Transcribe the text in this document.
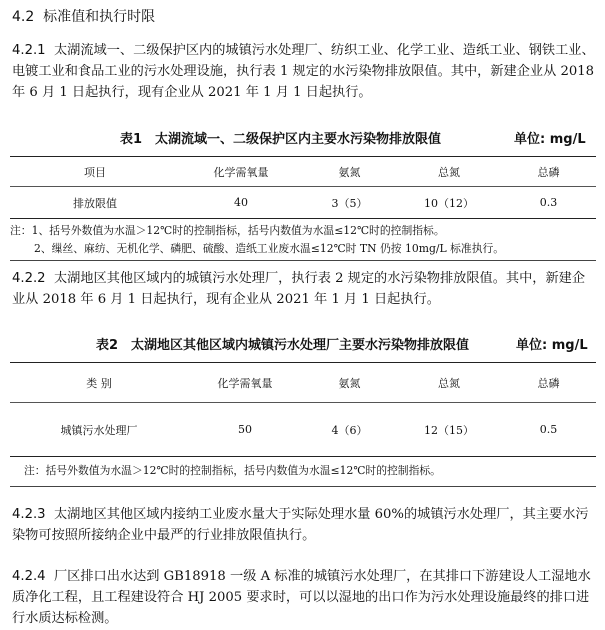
4.2 标准值和执行时限

4.2.1 太湖流域一、二级保护区内的城镇污水处理厂、纺织工业、化学工业、造纸工业、钢铁工业、电镀工业和食品工业的污水处理设施，执行表 1 规定的水污染物排放限值。其中，新建企业从 2018 年 6 月 1 日起执行，现有企业从 2021 年 1 月 1 日起执行。

表1　太湖流域一、二级保护区内主要水污染物排放限值	单位: mg/L
项目	化学需氧量	氨氮	总氮	总磷
排放限值	40	3（5）	10（12）	0.3
注：1、括号外数值为水温＞12℃时的控制指标，括号内数值为水温≤12℃时的控制指标。
2、缫丝、麻纺、无机化学、磷肥、硫酸、造纸工业废水温≤12℃时 TN 仍按 10mg/L 标准执行。

4.2.2 太湖地区其他区域内的城镇污水处理厂，执行表 2 规定的水污染物排放限值。其中，新建企业从 2018 年 6 月 1 日起执行，现有企业从 2021 年 1 月 1 日起执行。

表2　太湖地区其他区域内城镇污水处理厂主要水污染物排放限值	单位: mg/L
类 别	化学需氧量	氨氮	总氮	总磷
城镇污水处理厂	50	4（6）	12（15）	0.5
注：括号外数值为水温＞12℃时的控制指标，括号内数值为水温≤12℃时的控制指标。

4.2.3 太湖地区其他区域内接纳工业废水量大于实际处理水量 60%的城镇污水处理厂，其主要水污染物可按照所接纳企业中最严的行业排放限值执行。

4.2.4 厂区排口出水达到 GB18918 一级 A 标准的城镇污水处理厂，在其排口下游建设人工湿地水质净化工程，且工程建设符合 HJ 2005 要求时，可以以湿地的出口作为污水处理设施最终的排口进行水质达标检测。
